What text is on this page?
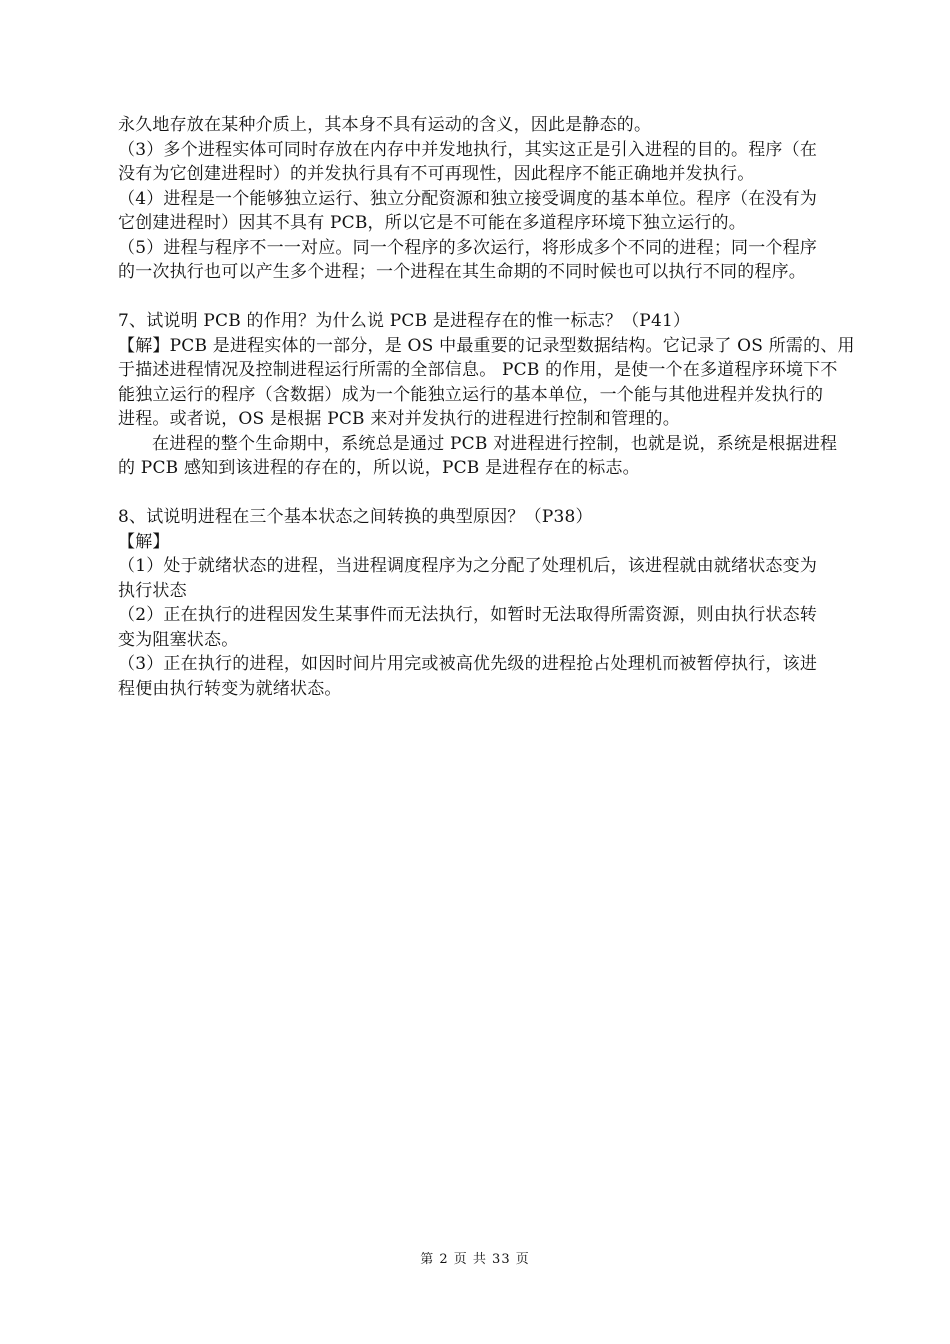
永久地存放在某种介质上，其本身不具有运动的含义，因此是静态的。
（3）多个进程实体可同时存放在内存中并发地执行，其实这正是引入进程的目的。程序（在
没有为它创建进程时）的并发执行具有不可再现性，因此程序不能正确地并发执行。
（4）进程是一个能够独立运行、独立分配资源和独立接受调度的基本单位。程序（在没有为
它创建进程时）因其不具有 PCB，所以它是不可能在多道程序环境下独立运行的。
（5）进程与程序不一一对应。同一个程序的多次运行，将形成多个不同的进程；同一个程序
的一次执行也可以产生多个进程；一个进程在其生命期的不同时候也可以执行不同的程序。
7、试说明 PCB 的作用？为什么说 PCB 是进程存在的惟一标志？（P41）
【解】PCB 是进程实体的一部分，是 OS 中最重要的记录型数据结构。它记录了 OS 所需的、用
于描述进程情况及控制进程运行所需的全部信息。 PCB 的作用，是使一个在多道程序环境下不
能独立运行的程序（含数据）成为一个能独立运行的基本单位，一个能与其他进程并发执行的
进程。或者说，OS 是根据 PCB 来对并发执行的进程进行控制和管理的。
在进程的整个生命期中，系统总是通过 PCB 对进程进行控制，也就是说，系统是根据进程
的 PCB 感知到该进程的存在的，所以说，PCB 是进程存在的标志。
8、试说明进程在三个基本状态之间转换的典型原因？（P38）
【解】
（1）处于就绪状态的进程，当进程调度程序为之分配了处理机后，该进程就由就绪状态变为
执行状态
（2）正在执行的进程因发生某事件而无法执行，如暂时无法取得所需资源，则由执行状态转
变为阻塞状态。
（3）正在执行的进程，如因时间片用完或被高优先级的进程抢占处理机而被暂停执行，该进
程便由执行转变为就绪状态。
第 2 页 共 33 页
